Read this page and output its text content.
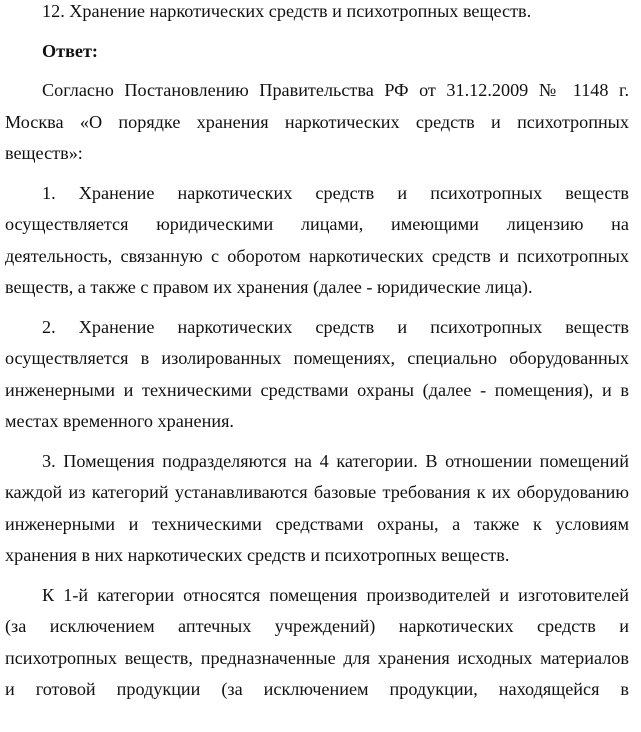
12. Хранение наркотических средств и психотропных веществ.
Ответ:
Согласно Постановлению Правительства РФ от 31.12.2009 № 1148 г.
Москва «О порядке хранения наркотических средств и психотропных
веществ»:
1. Хранение наркотических средств и психотропных веществ
осуществляется юридическими лицами, имеющими лицензию на
деятельность, связанную с оборотом наркотических средств и психотропных
веществ, а также с правом их хранения (далее - юридические лица).
2. Хранение наркотических средств и психотропных веществ
осуществляется в изолированных помещениях, специально оборудованных
инженерными и техническими средствами охраны (далее - помещения), и в
местах временного хранения.
3. Помещения подразделяются на 4 категории. В отношении помещений
каждой из категорий устанавливаются базовые требования к их оборудованию
инженерными и техническими средствами охраны, а также к условиям
хранения в них наркотических средств и психотропных веществ.
К 1-й категории относятся помещения производителей и изготовителей
(за исключением аптечных учреждений) наркотических средств и
психотропных веществ, предназначенные для хранения исходных материалов
и готовой продукции (за исключением продукции, находящейся в
